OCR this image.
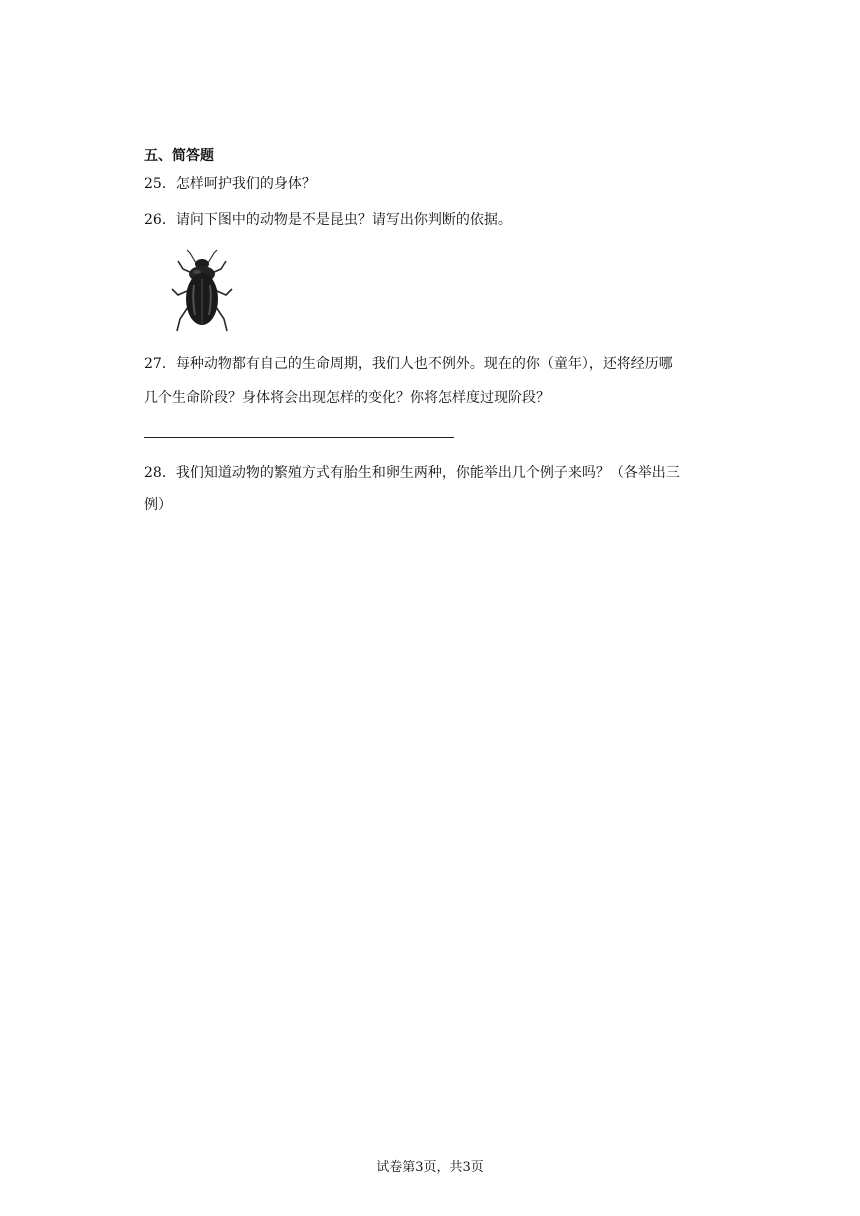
五、简答题
25．怎样呵护我们的身体？
26．请问下图中的动物是不是昆虫？请写出你判断的依据。
27．每种动物都有自己的生命周期，我们人也不例外。现在的你（童年），还将经历哪
几个生命阶段？身体将会出现怎样的变化？你将怎样度过现阶段？
28．我们知道动物的繁殖方式有胎生和卵生两种，你能举出几个例子来吗？（各举出三
例）
试卷第3页，共3页
